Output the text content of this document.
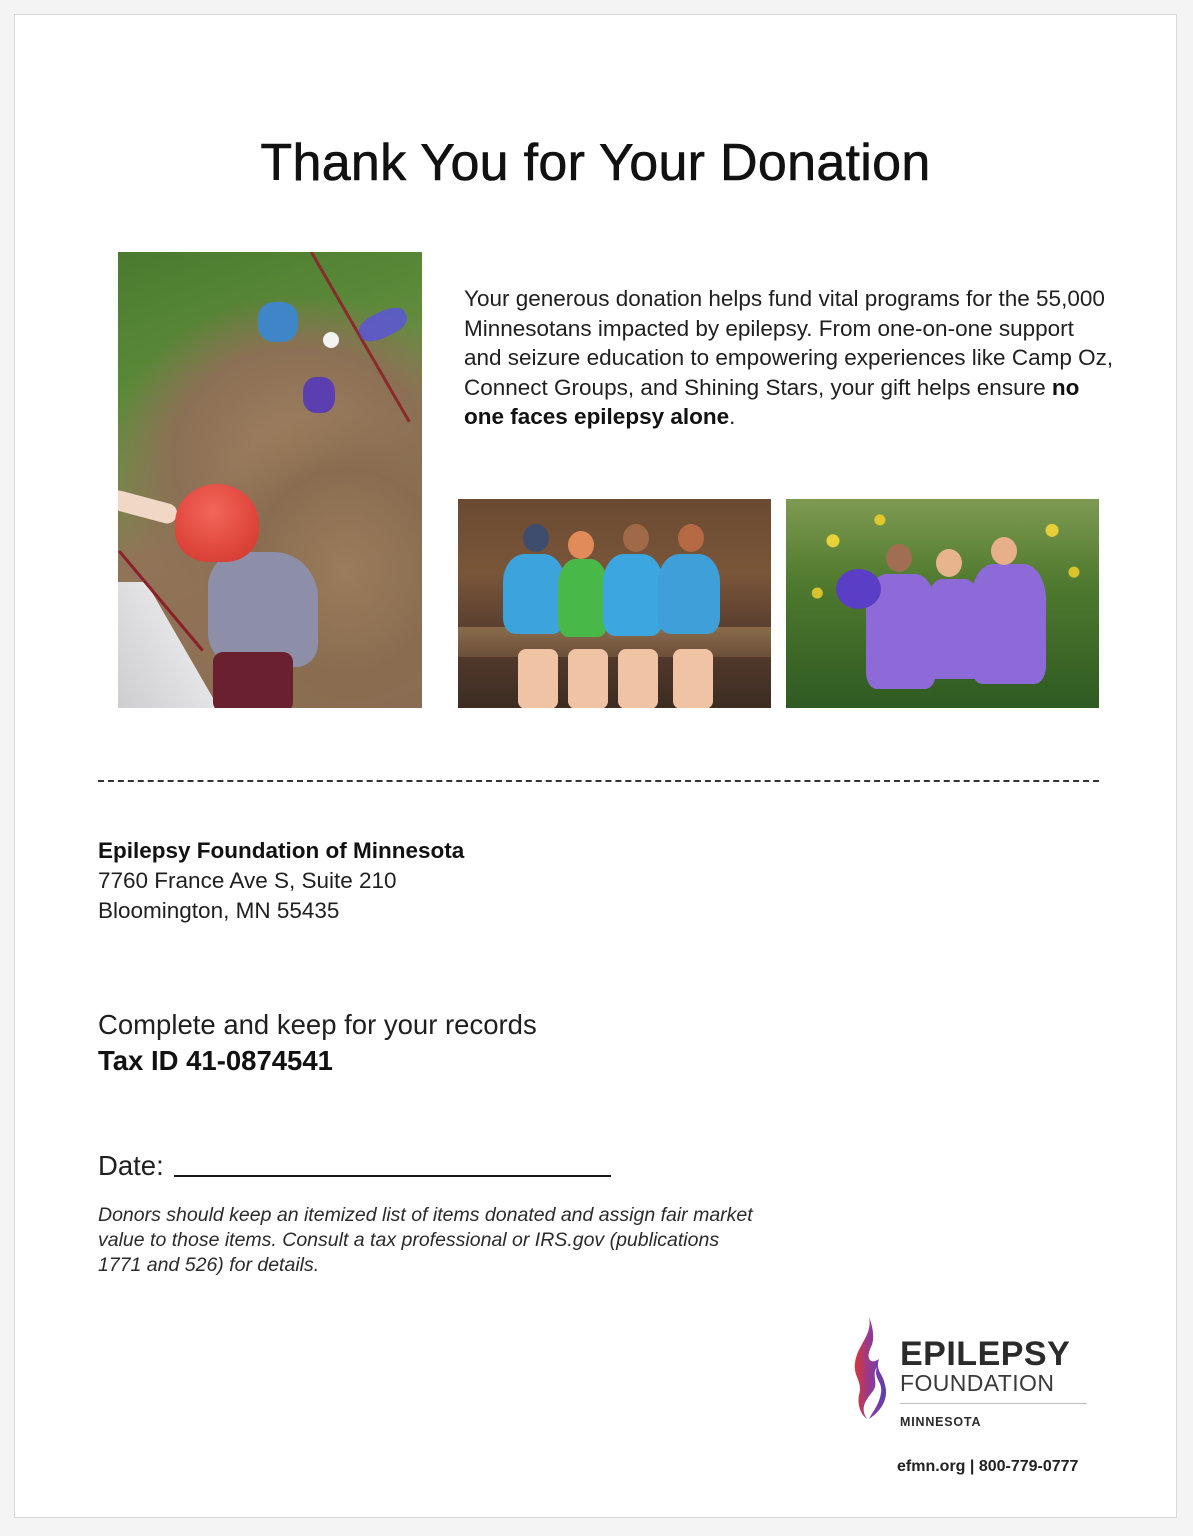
Thank You for Your Donation

Your generous donation helps fund vital programs for the 55,000 Minnesotans impacted by epilepsy. From one-on-one support and seizure education to empowering experiences like Camp Oz, Connect Groups, and Shining Stars, your gift helps ensure no one faces epilepsy alone.

Epilepsy Foundation of Minnesota
7760 France Ave S, Suite 210
Bloomington, MN 55435
Complete and keep for your records
Tax ID 41-0874541
Date:
Donors should keep an itemized list of items donated and assign fair market value to those items. Consult a tax professional or IRS.gov (publications 1771 and 526) for details.
EPILEPSY
FOUNDATION
MINNESOTA
efmn.org | 800-779-0777
